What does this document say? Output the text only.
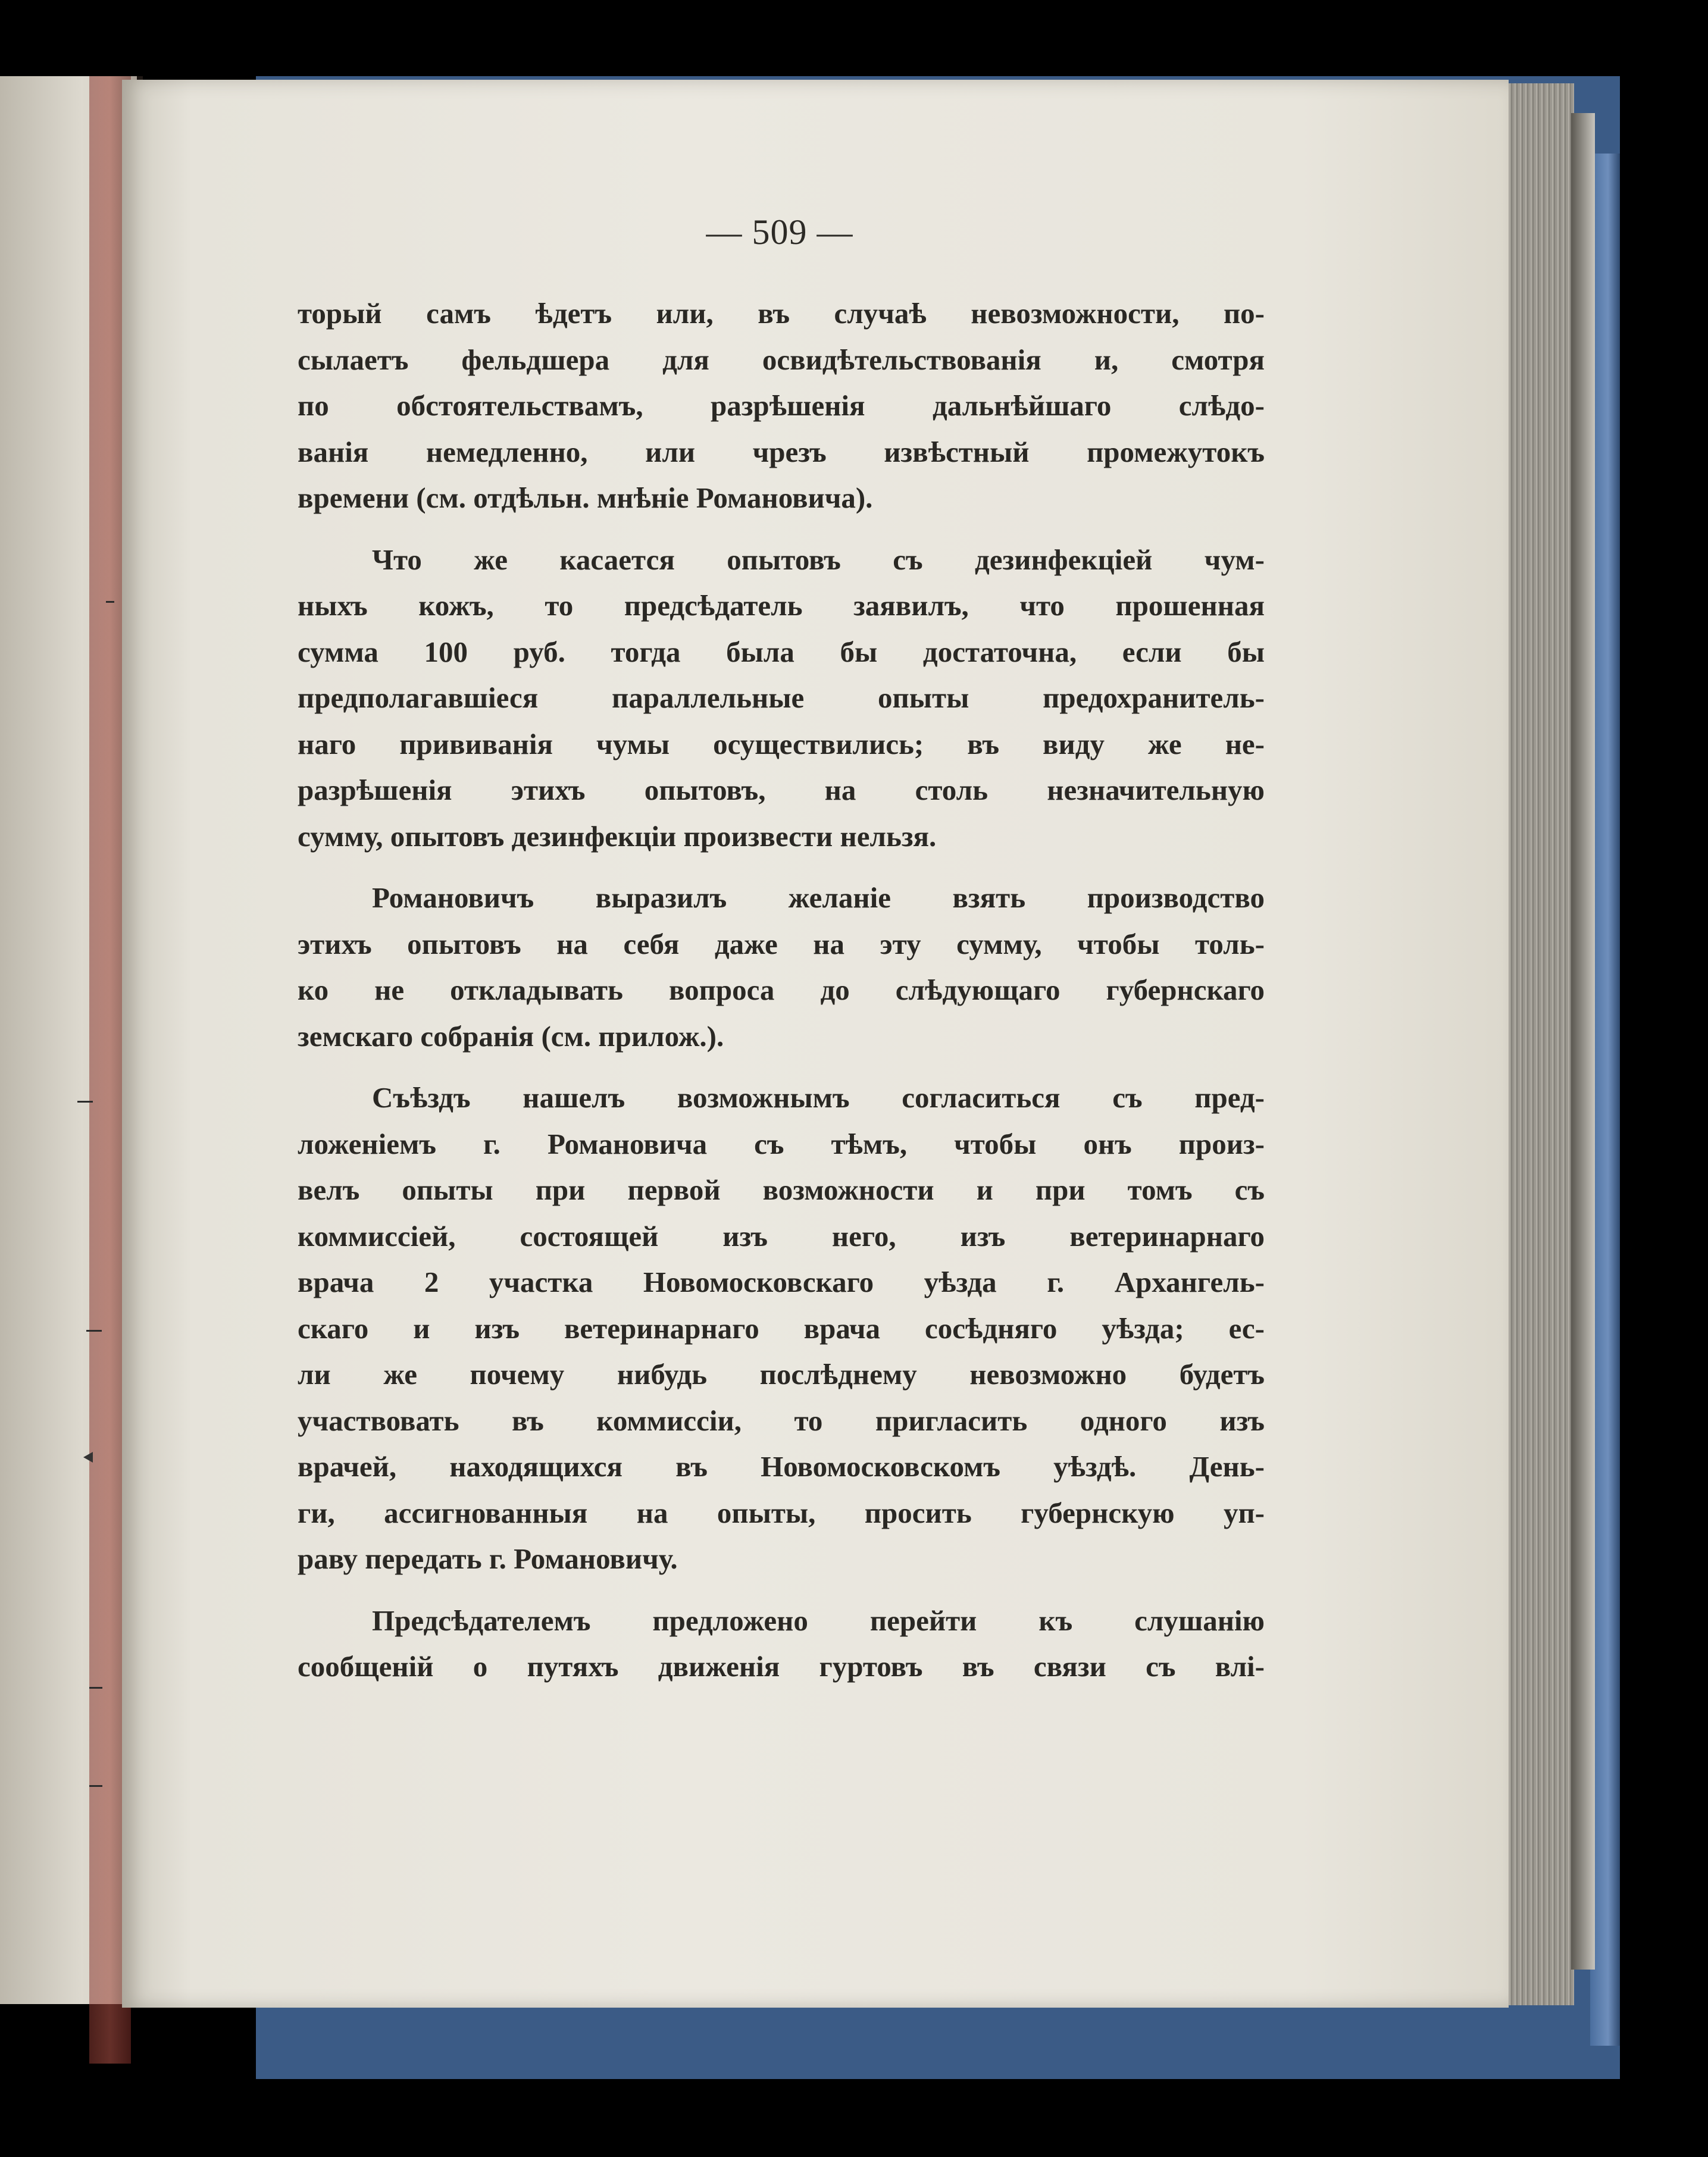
— 509 —
торый самъ ѣдетъ или, въ случаѣ невозможности, по-
сылаетъ фельдшера для освидѣтельствованія и, смотря
по обстоятельствамъ, разрѣшенія дальнѣйшаго слѣдо-
ванія немедленно, или чрезъ извѣстный промежутокъ
времени (см. отдѣльн. мнѣніе Романовича).
Что же касается опытовъ съ дезинфекціей чум-
ныхъ кожъ, то предсѣдатель заявилъ, что прошенная
сумма 100 руб. тогда была бы достаточна, если бы
предполагавшіеся параллельные опыты предохранитель-
наго прививанія чумы осуществились; въ виду же не-
разрѣшенія этихъ опытовъ, на столь незначительную
сумму, опытовъ дезинфекціи произвести нельзя.
Романовичъ выразилъ желаніе взять производство
этихъ опытовъ на себя даже на эту сумму, чтобы толь-
ко не откладывать вопроса до слѣдующаго губернскаго
земскаго собранія (см. прилож.).
Съѣздъ нашелъ возможнымъ согласиться съ пред-
ложеніемъ г. Романовича съ тѣмъ, чтобы онъ произ-
велъ опыты при первой возможности и при томъ съ
коммиссіей, состоящей изъ него, изъ ветеринарнаго
врача 2 участка Новомосковскаго уѣзда г. Архангель-
скаго и изъ ветеринарнаго врача сосѣдняго уѣзда; ес-
ли же почему нибудь послѣднему невозможно будетъ
участвовать въ коммиссіи, то пригласить одного изъ
врачей, находящихся въ Новомосковскомъ уѣздѣ. День-
ги, ассигнованныя на опыты, просить губернскую уп-
раву передать г. Романовичу.
Предсѣдателемъ предложено перейти къ слушанію
сообщеній о путяхъ движенія гуртовъ въ связи съ влі-
